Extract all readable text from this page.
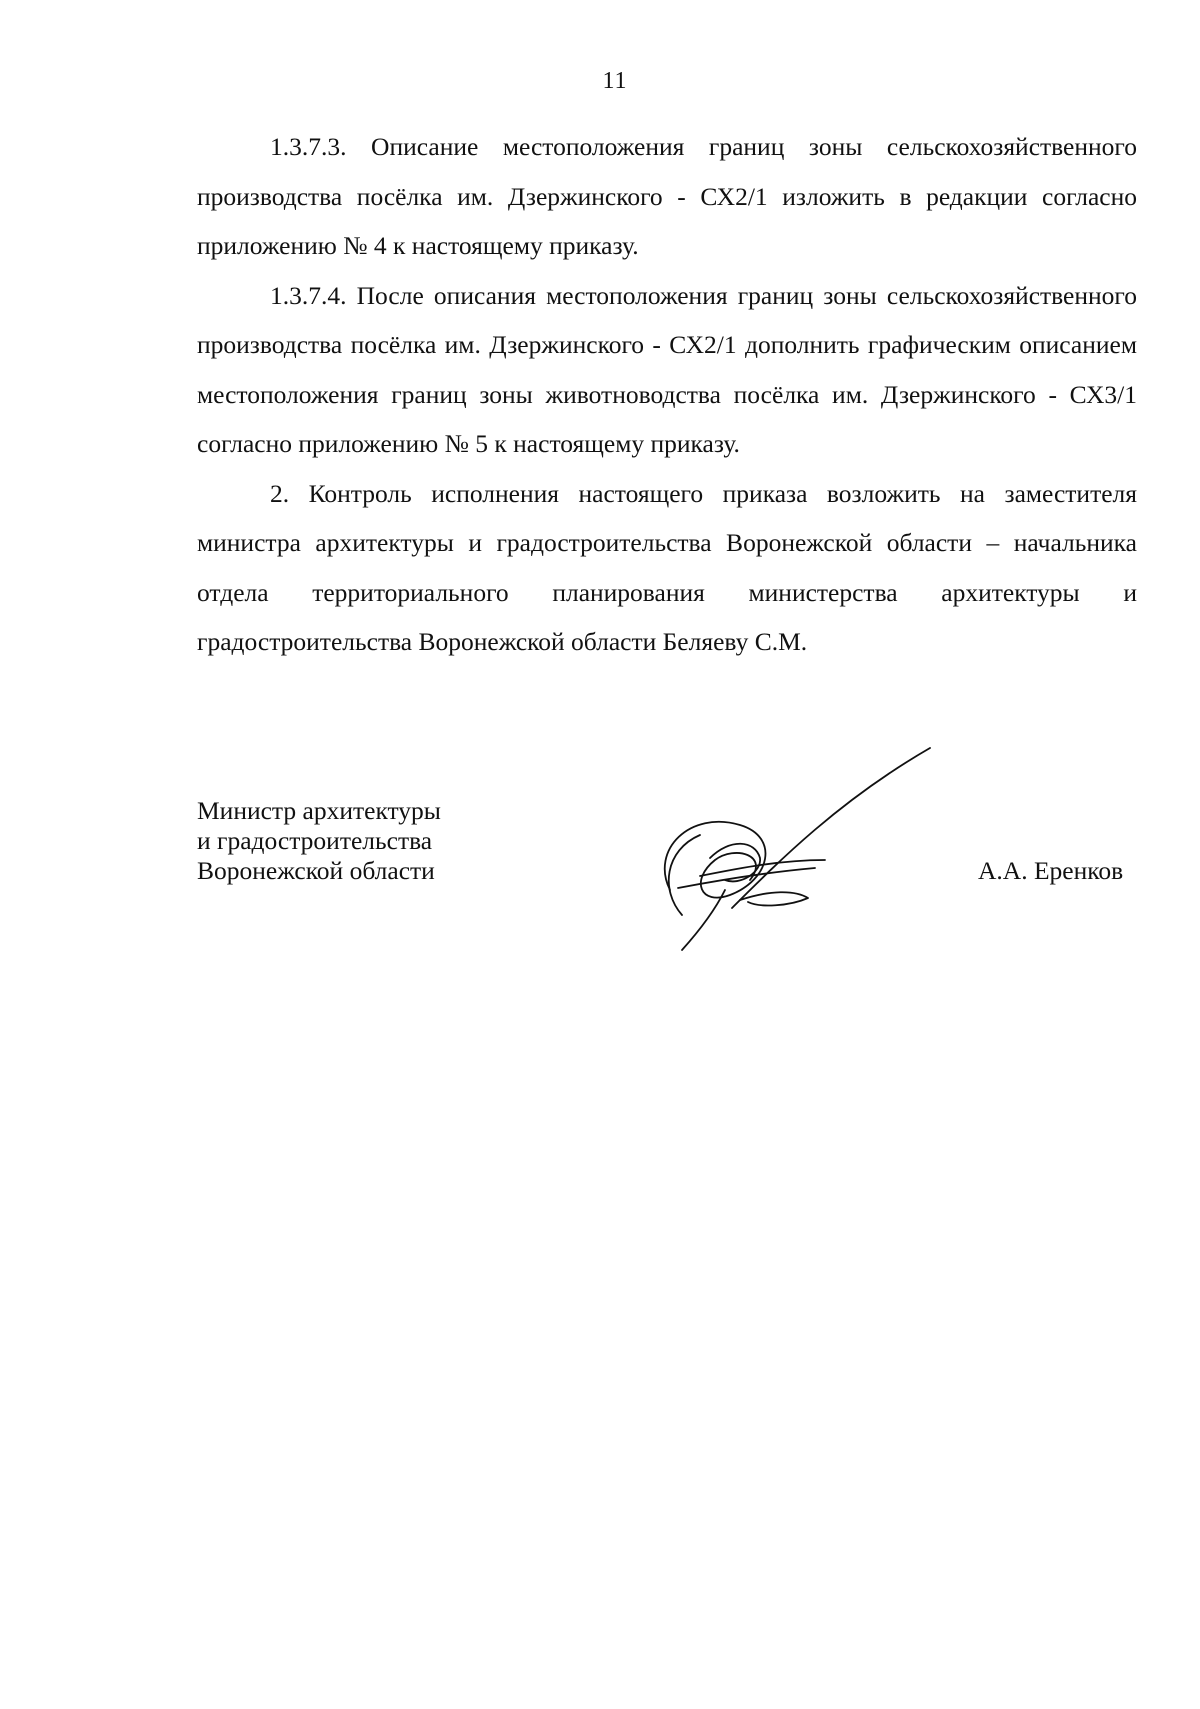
11

1.3.7.3. Описание местоположения границ зоны сельскохозяйственного производства посёлка им. Дзержинского - СХ2/1 изложить в редакции согласно приложению № 4 к настоящему приказу.

1.3.7.4. После описания местоположения границ зоны сельскохозяйственного производства посёлка им. Дзержинского - СХ2/1 дополнить графическим описанием местоположения границ зоны животноводства посёлка им. Дзержинского - СХ3/1 согласно приложению № 5 к настоящему приказу.

2. Контроль исполнения настоящего приказа возложить на заместителя министра архитектуры и градостроительства Воронежской области – начальника отдела территориального планирования министерства архитектуры и градостроительства Воронежской области Беляеву С.М.

Министр архитектуры
и градостроительства
Воронежской области	А.А. Еренков
